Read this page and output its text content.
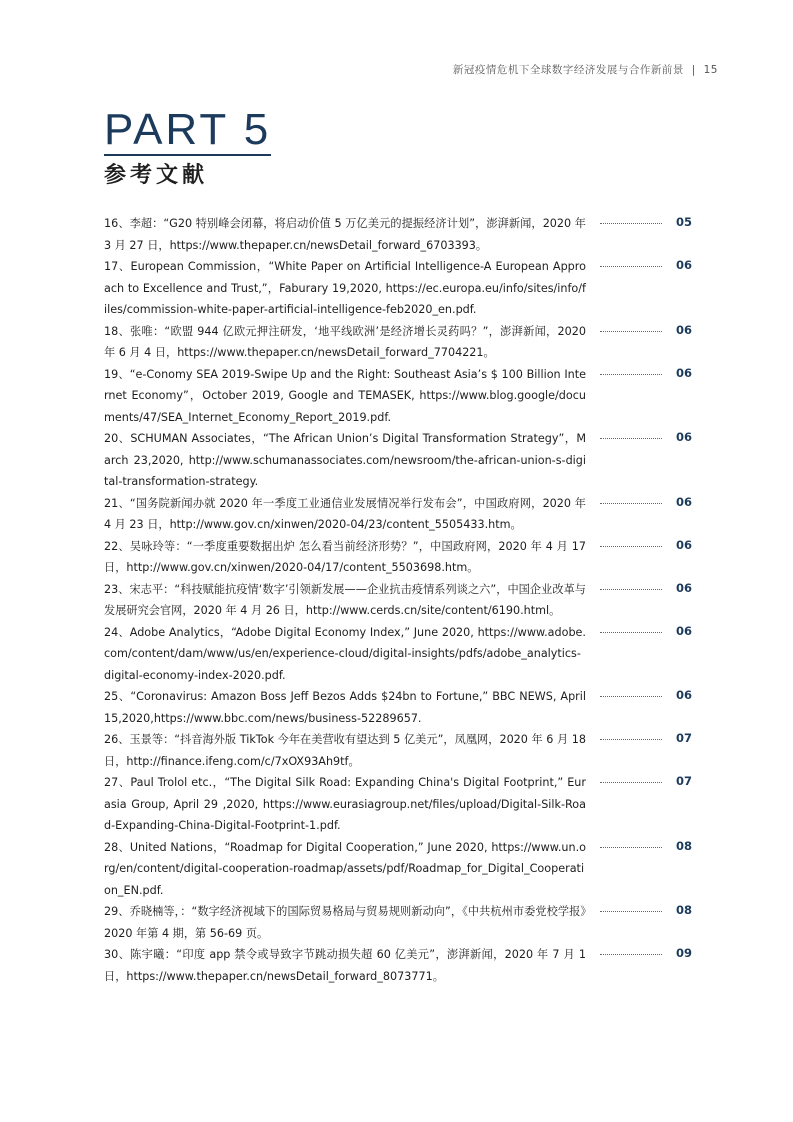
新冠疫情危机下全球数字经济发展与合作新前景 | 15
PART 5
参考文献
16、李超：“G20 特别峰会闭幕，将启动价值 5 万亿美元的提振经济计划”，澎湃新闻，2020 年 3 月 27 日，https://www.thepaper.cn/newsDetail_forward_6703393。
05
17、European Commission，“White Paper on Artificial Intelligence-A European Approach to Excellence and Trust,”，Faburary 19,2020, https://ec.europa.eu/info/sites/info/files/commission-white-paper-artificial-intelligence-feb2020_en.pdf.
06
18、张唯：“欧盟 944 亿欧元押注研发，‘地平线欧洲’是经济增长灵药吗？”，澎湃新闻，2020 年 6 月 4 日，https://www.thepaper.cn/newsDetail_forward_7704221。
06
19、“e-Conomy SEA 2019-Swipe Up and the Right: Southeast Asia’s $ 100 Billion Internet Economy”，October 2019, Google and TEMASEK, https://www.blog.google/documents/47/SEA_Internet_Economy_Report_2019.pdf.
06
20、SCHUMAN Associates，“The African Union’s Digital Transformation Strategy”，March 23,2020, http://www.schumanassociates.com/newsroom/the-african-union-s-digital-transformation-strategy.
06
21、“国务院新闻办就 2020 年一季度工业通信业发展情况举行发布会”，中国政府网，2020 年 4 月 23 日，http://www.gov.cn/xinwen/2020-04/23/content_5505433.htm。
06
22、吴咏玲等：“一季度重要数据出炉 怎么看当前经济形势？”，中国政府网，2020 年 4 月 17 日，http://www.gov.cn/xinwen/2020-04/17/content_5503698.htm。
06
23、宋志平：“科技赋能抗疫情‘数字’引领新发展——企业抗击疫情系列谈之六”，中国企业改革与发展研究会官网，2020 年 4 月 26 日，http://www.cerds.cn/site/content/6190.html。
06
24、Adobe Analytics，“Adobe Digital Economy Index,” June 2020, https://www.adobe.com/content/dam/www/us/en/experience-cloud/digital-insights/pdfs/adobe_analytics-digital-economy-index-2020.pdf.
06
25、“Coronavirus: Amazon Boss Jeff Bezos Adds $24bn to Fortune,” BBC NEWS, April 15,2020,https://www.bbc.com/news/business-52289657.
06
26、玉景等：“抖音海外版 TikTok 今年在美营收有望达到 5 亿美元”，凤凰网，2020 年 6 月 18 日，http://finance.ifeng.com/c/7xOX93Ah9tf。
07
27、Paul Trolol etc.，“The Digital Silk Road: Expanding China's Digital Footprint,” Eurasia Group, April 29 ,2020, https://www.eurasiagroup.net/files/upload/Digital-Silk-Road-Expanding-China-Digital-Footprint-1.pdf.
07
28、United Nations，“Roadmap for Digital Cooperation,” June 2020, https://www.un.org/en/content/digital-cooperation-roadmap/assets/pdf/Roadmap_for_Digital_Cooperation_EN.pdf.
08
29、乔晓楠等，：“数字经济视域下的国际贸易格局与贸易规则新动向”，《中共杭州市委党校学报》2020 年第 4 期，第 56-69 页。
08
30、陈宇曦：“印度 app 禁令或导致字节跳动损失超 60 亿美元”，澎湃新闻，2020 年 7 月 1 日，https://www.thepaper.cn/newsDetail_forward_8073771。
09
